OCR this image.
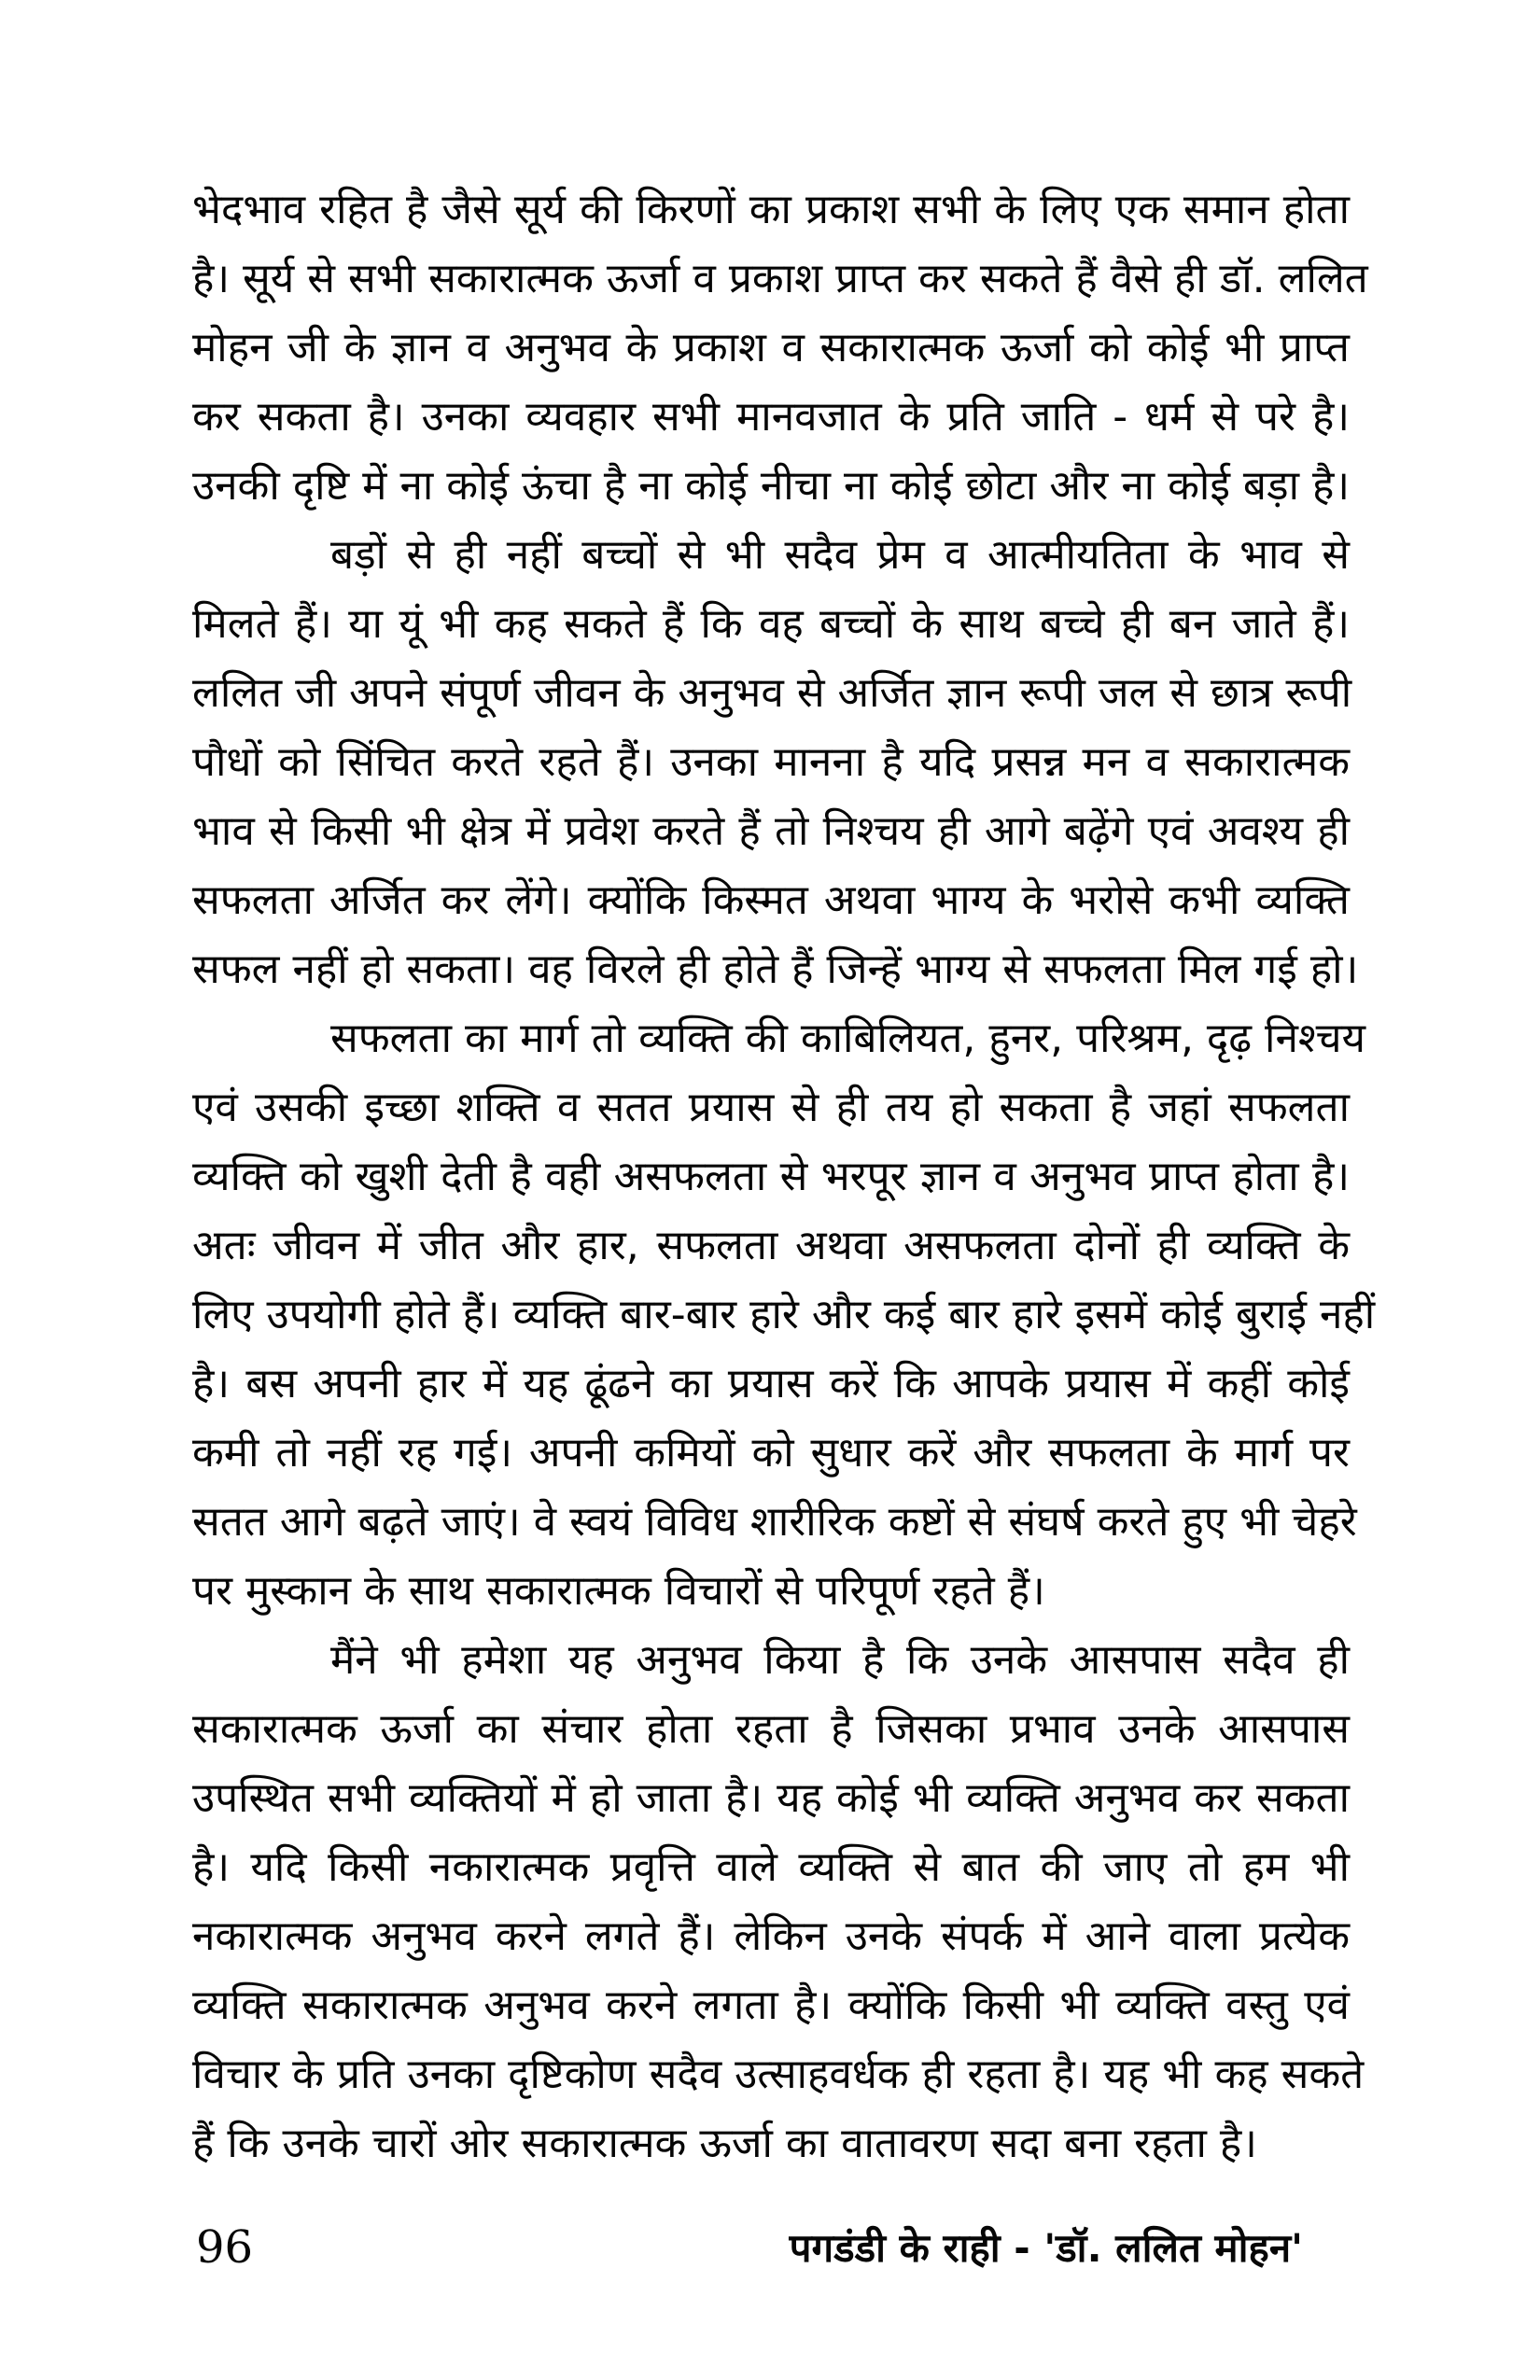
भेदभाव रहित है जैसे सूर्य की किरणों का प्रकाश सभी के लिए एक समान होता
है। सूर्य से सभी सकारात्मक ऊर्जा व प्रकाश प्राप्त कर सकते हैं वैसे ही डॉ. ललित
मोहन जी के ज्ञान व अनुभव के प्रकाश व सकारात्मक ऊर्जा को कोई भी प्राप्त
कर सकता है। उनका व्यवहार सभी मानवजात के प्रति जाति - धर्म से परे है।
उनकी दृष्टि में ना कोई ऊंचा है ना कोई नीचा ना कोई छोटा और ना कोई बड़ा है।
बड़ों से ही नहीं बच्चों से भी सदैव प्रेम व आत्मीयतिता के भाव से
मिलते हैं। या यूं भी कह सकते हैं कि वह बच्चों के साथ बच्चे ही बन जाते हैं।
ललित जी अपने संपूर्ण जीवन के अनुभव से अर्जित ज्ञान रूपी जल से छात्र रूपी
पौधों को सिंचित करते रहते हैं। उनका मानना है यदि प्रसन्न मन व सकारात्मक
भाव से किसी भी क्षेत्र में प्रवेश करते हैं तो निश्चय ही आगे बढ़ेंगे एवं अवश्य ही
सफलता अर्जित कर लेंगे। क्योंकि किस्मत अथवा भाग्य के भरोसे कभी व्यक्ति
सफल नहीं हो सकता। वह विरले ही होते हैं जिन्हें भाग्य से सफलता मिल गई हो।
सफलता का मार्ग तो व्यक्ति की काबिलियत, हुनर, परिश्रम, दृढ़ निश्चय
एवं उसकी इच्छा शक्ति व सतत प्रयास से ही तय हो सकता है जहां सफलता
व्यक्ति को खुशी देती है वही असफलता से भरपूर ज्ञान व अनुभव प्राप्त होता है।
अतः जीवन में जीत और हार, सफलता अथवा असफलता दोनों ही व्यक्ति के
लिए उपयोगी होते हैं। व्यक्ति बार-बार हारे और कई बार हारे इसमें कोई बुराई नहीं
है। बस अपनी हार में यह ढूंढने का प्रयास करें कि आपके प्रयास में कहीं कोई
कमी तो नहीं रह गई। अपनी कमियों को सुधार करें और सफलता के मार्ग पर
सतत आगे बढ़ते जाएं। वे स्वयं विविध शारीरिक कष्टों से संघर्ष करते हुए भी चेहरे
पर मुस्कान के साथ सकारात्मक विचारों से परिपूर्ण रहते हैं।
मैंने भी हमेशा यह अनुभव किया है कि उनके आसपास सदैव ही
सकारात्मक ऊर्जा का संचार होता रहता है जिसका प्रभाव उनके आसपास
उपस्थित सभी व्यक्तियों में हो जाता है। यह कोई भी व्यक्ति अनुभव कर सकता
है। यदि किसी नकारात्मक प्रवृत्ति वाले व्यक्ति से बात की जाए तो हम भी
नकारात्मक अनुभव करने लगते हैं। लेकिन उनके संपर्क में आने वाला प्रत्येक
व्यक्ति सकारात्मक अनुभव करने लगता है। क्योंकि किसी भी व्यक्ति वस्तु एवं
विचार के प्रति उनका दृष्टिकोण सदैव उत्साहवर्धक ही रहता है। यह भी कह सकते
हैं कि उनके चारों ओर सकारात्मक ऊर्जा का वातावरण सदा बना रहता है।
96	पगडंडी के राही - 'डॉ. ललित मोहन'
